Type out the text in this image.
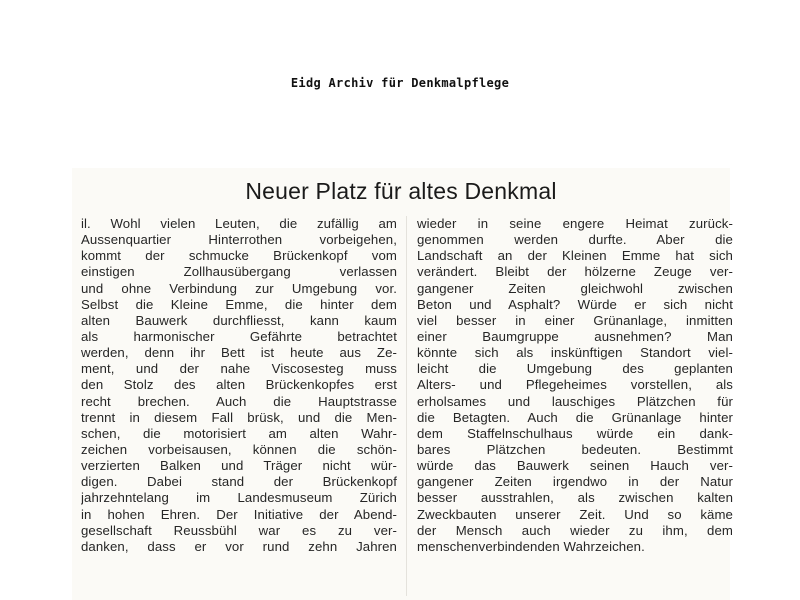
Eidg Archiv für Denkmalpflege
Neuer Platz für altes Denkmal
il. Wohl vielen Leuten, die zufällig am
Aussenquartier Hinterrothen vorbeigehen,
kommt der schmucke Brückenkopf vom
einstigen Zollhausübergang verlassen
und ohne Verbindung zur Umgebung vor.
Selbst die Kleine Emme, die hinter dem
alten Bauwerk durchfliesst, kann kaum
als harmonischer Gefährte betrachtet
werden, denn ihr Bett ist heute aus Ze-
ment, und der nahe Viscosesteg muss
den Stolz des alten Brückenkopfes erst
recht brechen. Auch die Hauptstrasse
trennt in diesem Fall brüsk, und die Men-
schen, die motorisiert am alten Wahr-
zeichen vorbeisausen, können die schön-
verzierten Balken und Träger nicht wür-
digen. Dabei stand der Brückenkopf
jahrzehntelang im Landesmuseum Zürich
in hohen Ehren. Der Initiative der Abend-
gesellschaft Reussbühl war es zu ver-
danken, dass er vor rund zehn Jahren
wieder in seine engere Heimat zurück-
genommen werden durfte. Aber die
Landschaft an der Kleinen Emme hat sich
verändert. Bleibt der hölzerne Zeuge ver-
gangener Zeiten gleichwohl zwischen
Beton und Asphalt? Würde er sich nicht
viel besser in einer Grünanlage, inmitten
einer Baumgruppe ausnehmen? Man
könnte sich als inskünftigen Standort viel-
leicht die Umgebung des geplanten
Alters- und Pflegeheimes vorstellen, als
erholsames und lauschiges Plätzchen für
die Betagten. Auch die Grünanlage hinter
dem Staffelnschulhaus würde ein dank-
bares Plätzchen bedeuten. Bestimmt
würde das Bauwerk seinen Hauch ver-
gangener Zeiten irgendwo in der Natur
besser ausstrahlen, als zwischen kalten
Zweckbauten unserer Zeit. Und so käme
der Mensch auch wieder zu ihm, dem
menschenverbindenden Wahrzeichen.
